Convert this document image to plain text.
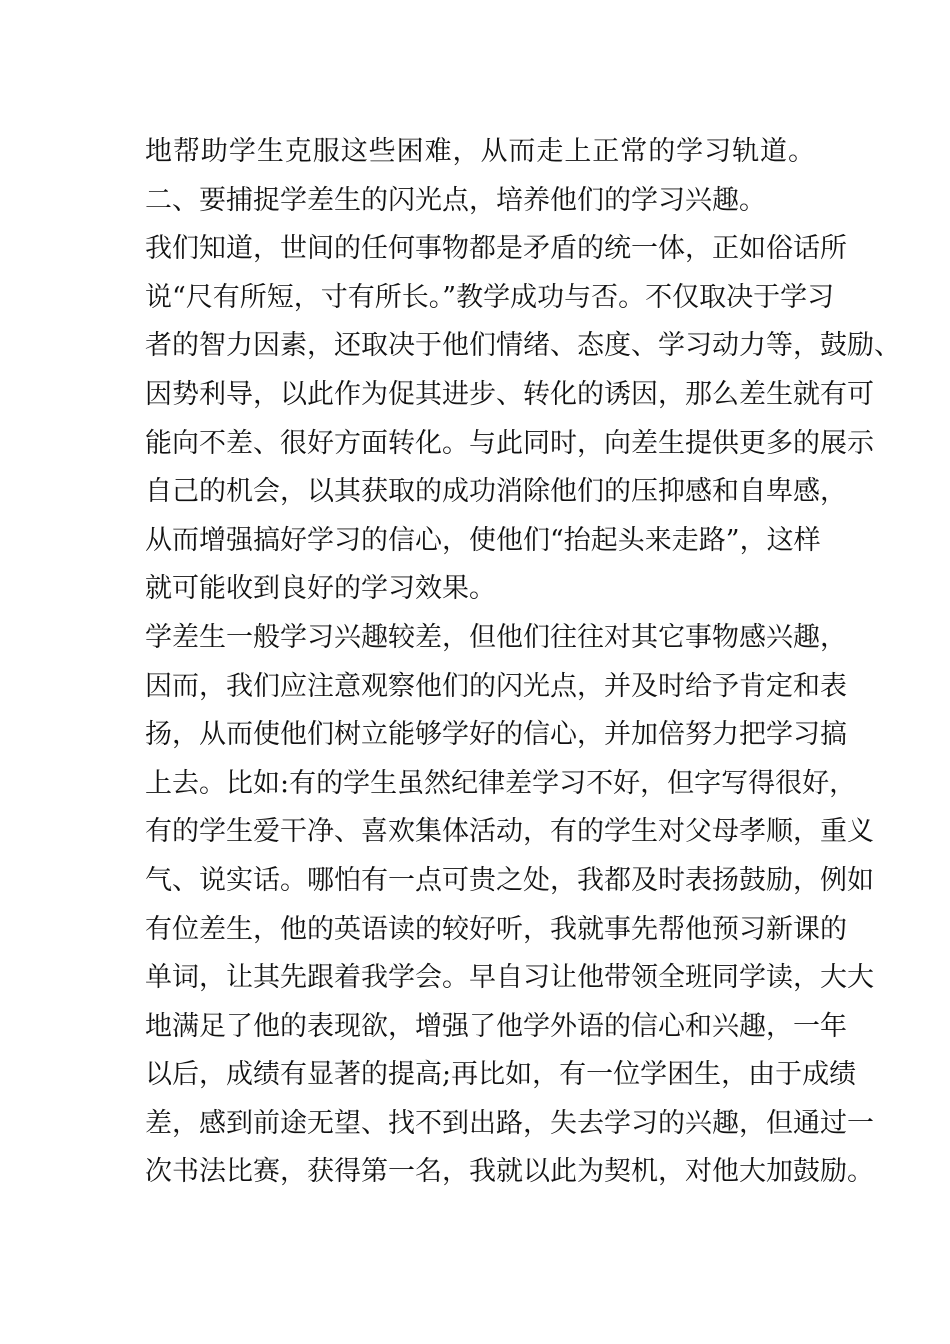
地帮助学生克服这些困难，从而走上正常的学习轨道。
二、要捕捉学差生的闪光点，培养他们的学习兴趣。
我们知道，世间的任何事物都是矛盾的统一体，正如俗话所
说“尺有所短，寸有所长。”教学成功与否。不仅取决于学习
者的智力因素，还取决于他们情绪、态度、学习动力等，鼓励、
因势利导，以此作为促其进步、转化的诱因，那么差生就有可
能向不差、很好方面转化。与此同时，向差生提供更多的展示
自己的机会，以其获取的成功消除他们的压抑感和自卑感，
从而增强搞好学习的信心，使他们“抬起头来走路”，这样
就可能收到良好的学习效果。
学差生一般学习兴趣较差，但他们往往对其它事物感兴趣，
因而，我们应注意观察他们的闪光点，并及时给予肯定和表
扬，从而使他们树立能够学好的信心，并加倍努力把学习搞
上去。比如:有的学生虽然纪律差学习不好，但字写得很好，
有的学生爱干净、喜欢集体活动，有的学生对父母孝顺，重义
气、说实话。哪怕有一点可贵之处，我都及时表扬鼓励，例如
有位差生，他的英语读的较好听，我就事先帮他预习新课的
单词，让其先跟着我学会。早自习让他带领全班同学读，大大
地满足了他的表现欲，增强了他学外语的信心和兴趣，一年
以后，成绩有显著的提高;再比如，有一位学困生，由于成绩
差，感到前途无望、找不到出路，失去学习的兴趣，但通过一
次书法比赛，获得第一名，我就以此为契机，对他大加鼓励。
